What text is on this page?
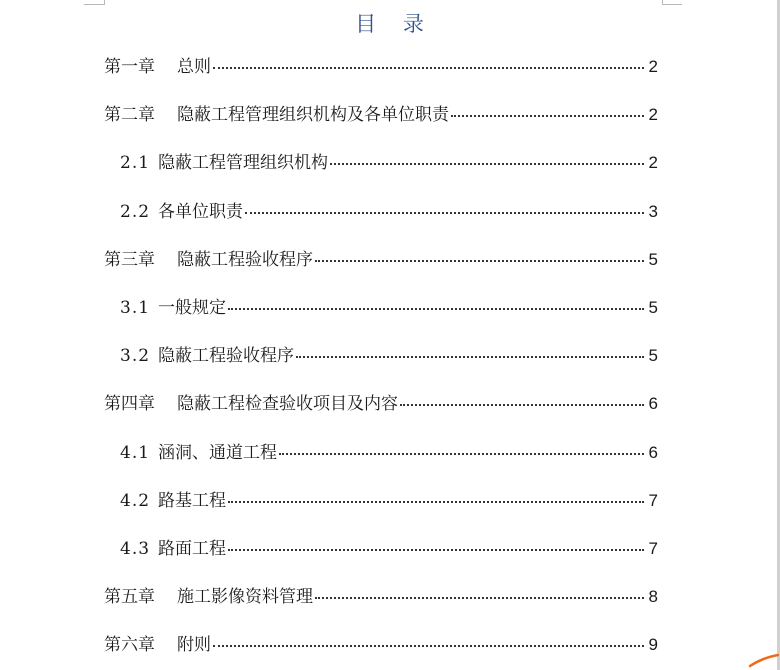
目 录
第一章 总则	2
第二章 隐蔽工程管理组织机构及各单位职责	2
2.1 隐蔽工程管理组织机构	2
2.2 各单位职责	3
第三章 隐蔽工程验收程序	5
3.1 一般规定	5
3.2 隐蔽工程验收程序	5
第四章 隐蔽工程检查验收项目及内容	6
4.1 涵洞、通道工程	6
4.2 路基工程	7
4.3 路面工程	7
第五章 施工影像资料管理	8
第六章 附则	9
